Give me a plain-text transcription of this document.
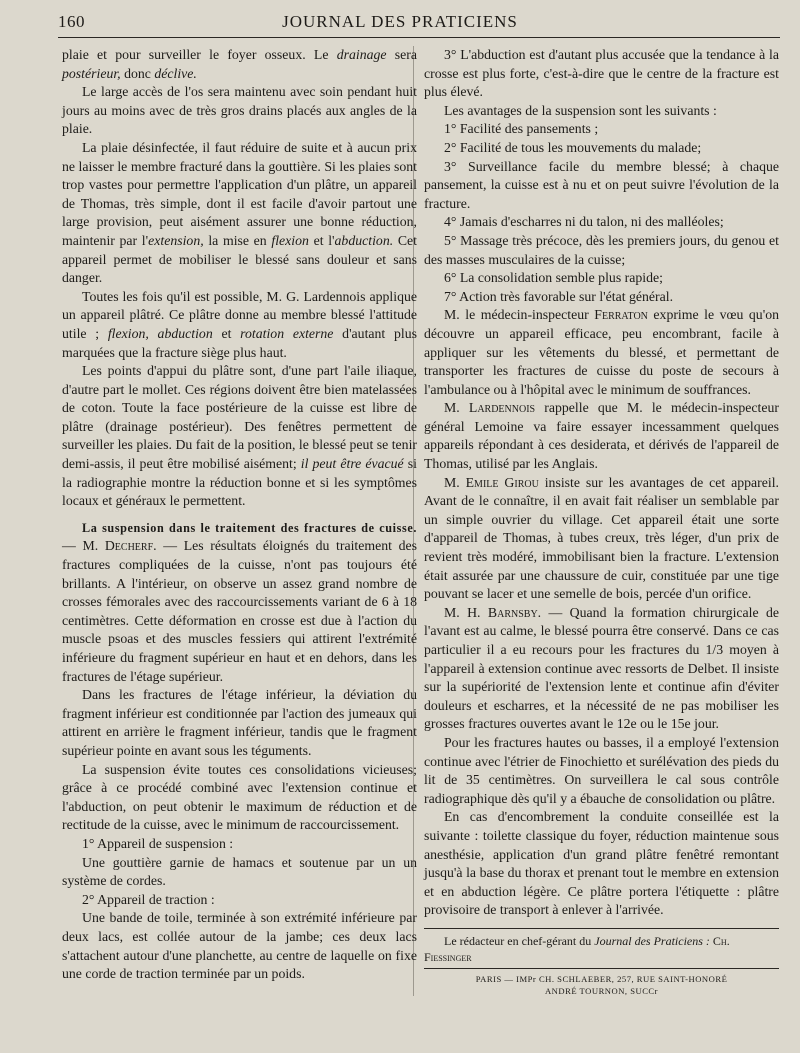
160	JOURNAL DES PRATICIENS

plaie et pour surveiller le foyer osseux. Le drainage sera postérieur, donc déclive.

Le large accès de l'os sera maintenu avec soin pendant huit jours au moins avec de très gros drains placés aux angles de la plaie.

La plaie désinfectée, il faut réduire de suite et à aucun prix ne laisser le membre fracturé dans la gouttière. Si les plaies sont trop vastes pour permettre l'application d'un plâtre, un appareil de Thomas, très simple, dont il est facile d'avoir partout une large provision, peut aisément assurer une bonne réduction, maintenir par l'extension, la mise en flexion et l'abduction. Cet appareil permet de mobiliser le blessé sans douleur et sans danger.

Toutes les fois qu'il est possible, M. G. Lardennois applique un appareil plâtré. Ce plâtre donne au membre blessé l'attitude utile ; flexion, abduction et rotation externe d'autant plus marquées que la fracture siège plus haut.

Les points d'appui du plâtre sont, d'une part l'aile iliaque, d'autre part le mollet. Ces régions doivent être bien matelassées de coton. Toute la face postérieure de la cuisse est libre de plâtre (drainage postérieur). Des fenêtres permettent de surveiller les plaies. Du fait de la position, le blessé peut se tenir demi-assis, il peut être mobilisé aisément; il peut être évacué si la radiographie montre la réduction bonne et si les symptômes locaux et généraux le permettent.

La suspension dans le traitement des fractures de cuisse. — M. Decherf. — Les résultats éloignés du traitement des fractures compliquées de la cuisse, n'ont pas toujours été brillants. A l'intérieur, on observe un assez grand nombre de crosses fémorales avec des raccourcissements variant de 6 à 18 centimètres. Cette déformation en crosse est due à l'action du muscle psoas et des muscles fessiers qui attirent l'extrémité inférieure du fragment supérieur en haut et en dehors, dans les fractures de l'étage supérieur.

Dans les fractures de l'étage inférieur, la déviation du fragment inférieur est conditionnée par l'action des jumeaux qui attirent en arrière le fragment inférieur, tandis que le fragment supérieur pointe en avant sous les téguments.

La suspension évite toutes ces consolidations vicieuses; grâce à ce procédé combiné avec l'extension continue et l'abduction, on peut obtenir le maximum de réduction et de rectitude de la cuisse, avec le minimum de raccourcissement.

1° Appareil de suspension :

Une gouttière garnie de hamacs et soutenue par un un système de cordes.

2° Appareil de traction :

Une bande de toile, terminée à son extrémité inférieure par deux lacs, est collée autour de la jambe; ces deux lacs s'attachent autour d'une planchette, au centre de laquelle on fixe une corde de traction terminée par un poids.

3° L'abduction est d'autant plus accusée que la tendance à la crosse est plus forte, c'est-à-dire que le centre de la fracture est plus élevé.

Les avantages de la suspension sont les suivants :

1° Facilité des pansements ;

2° Facilité de tous les mouvements du malade;

3° Surveillance facile du membre blessé; à chaque pansement, la cuisse est à nu et on peut suivre l'évolution de la fracture.

4° Jamais d'escharres ni du talon, ni des malléoles;

5° Massage très précoce, dès les premiers jours, du genou et des masses musculaires de la cuisse;

6° La consolidation semble plus rapide;

7° Action très favorable sur l'état général.

M. le médecin-inspecteur Ferraton exprime le vœu qu'on découvre un appareil efficace, peu encombrant, facile à appliquer sur les vêtements du blessé, et permettant de transporter les fractures de cuisse du poste de secours à l'ambulance ou à l'hôpital avec le minimum de souffrances.

M. Lardennois rappelle que M. le médecin-inspecteur général Lemoine va faire essayer incessamment quelques appareils répondant à ces desiderata, et dérivés de l'appareil de Thomas, utilisé par les Anglais.

M. Emile Girou insiste sur les avantages de cet appareil. Avant de le connaître, il en avait fait réaliser un semblable par un simple ouvrier du village. Cet appareil était une sorte d'appareil de Thomas, à tubes creux, très léger, d'un prix de revient très modéré, immobilisant bien la fracture. L'extension était assurée par une chaussure de cuir, constituée par une tige pouvant se lacer et une semelle de bois, percée d'un orifice.

M. H. Barnsby. — Quand la formation chirurgicale de l'avant est au calme, le blessé pourra être conservé. Dans ce cas particulier il a eu recours pour les fractures du 1/3 moyen à l'appareil à extension continue avec ressorts de Delbet. Il insiste sur la supériorité de l'extension lente et continue afin d'éviter douleurs et escharres, et la nécessité de ne pas mobiliser les grosses fractures ouvertes avant le 12e ou le 15e jour.

Pour les fractures hautes ou basses, il a employé l'extension continue avec l'étrier de Finochietto et surélévation des pieds du lit de 35 centimètres. On surveillera le cal sous contrôle radiographique dès qu'il y a ébauche de consolidation ou plâtre.

En cas d'encombrement la conduite conseillée est la suivante : toilette classique du foyer, réduction maintenue sous anesthésie, application d'un grand plâtre fenêtré remontant jusqu'à la base du thorax et prenant tout le membre en extension et en abduction légère. Ce plâtre portera l'étiquette : plâtre provisoire de transport à enlever à l'arrivée.

Le rédacteur en chef-gérant du Journal des Praticiens : Ch. Fiessinger

PARIS — IMPr CH. SCHLAEBER, 257, RUE SAINT-HONORÉ

ANDRÉ TOURNON, SUCCr
